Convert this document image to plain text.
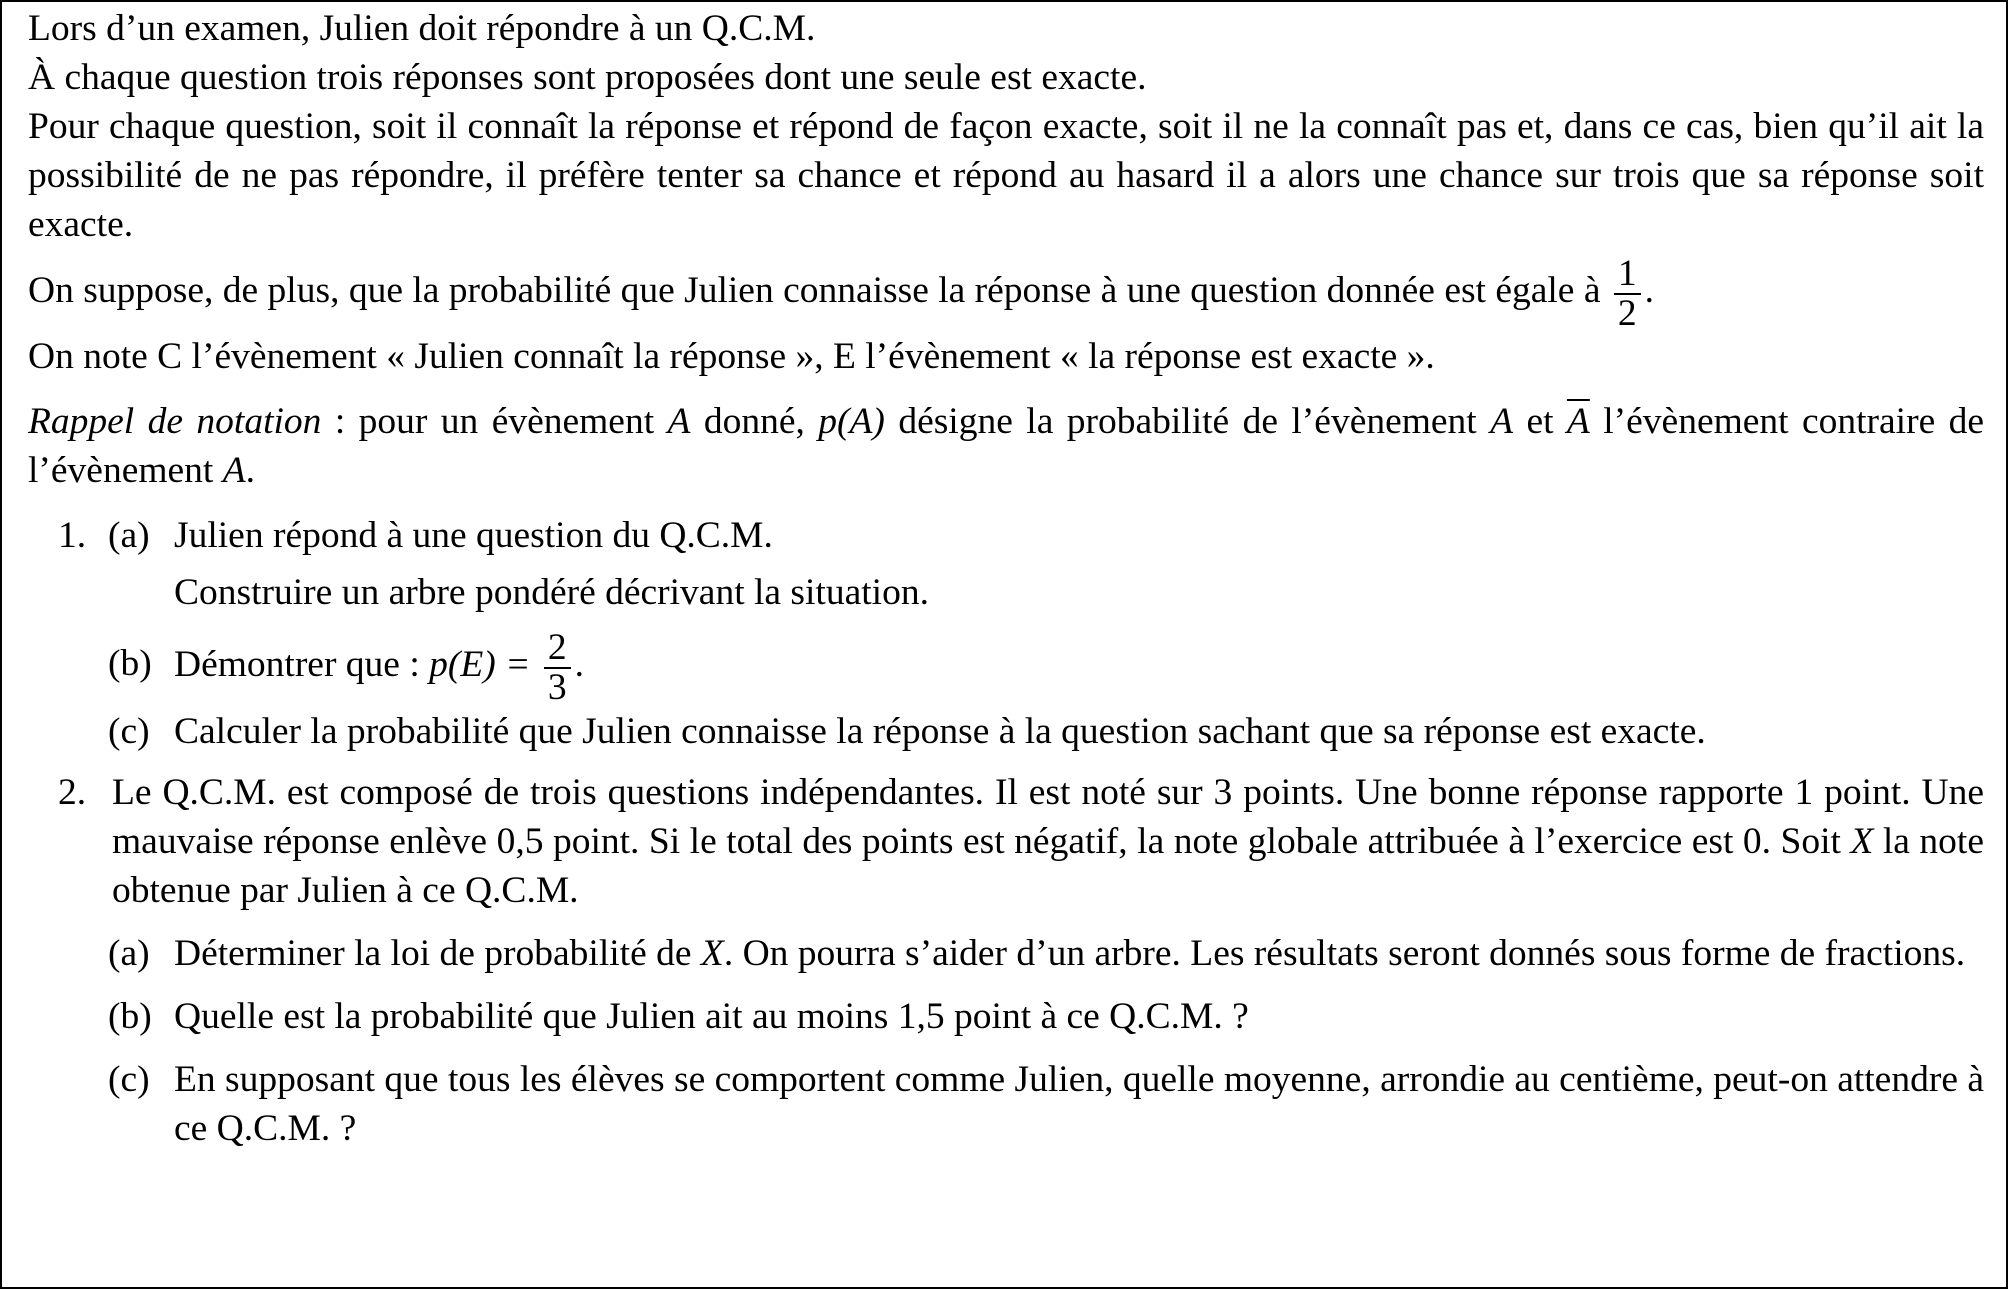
Lors d’un examen, Julien doit répondre à un Q.C.M.

À chaque question trois réponses sont proposées dont une seule est exacte.

Pour chaque question, soit il connaît la réponse et répond de façon exacte, soit il ne la connaît pas et, dans ce cas, bien qu’il ait la possibilité de ne pas répondre, il préfère tenter sa chance et répond au hasard il a alors une chance sur trois que sa réponse soit exacte.

On suppose, de plus, que la probabilité que Julien connaisse la réponse à une question donnée est égale à $\frac{1}{2}$ .

On note C l’évènement « Julien connaît la réponse », E l’évènement « la réponse est exacte ».

Rappel de notation : pour un évènement A donné, p(A) désigne la probabilité de l’évènement A et $\overline{A}$ l’évènement contraire de l’évènement A.

1. (a) Julien répond à une question du Q.C.M.

Construire un arbre pondéré décrivant la situation.

(b) Démontrer que : $p(E) = \frac{2}{3}$ .

(c) Calculer la probabilité que Julien connaisse la réponse à la question sachant que sa réponse est exacte.

2. Le Q.C.M. est composé de trois questions indépendantes. Il est noté sur 3 points. Une bonne réponse rapporte 1 point. Une mauvaise réponse enlève 0,5 point. Si le total des points est négatif, la note globale attribuée à l’exercice est 0. Soit X la note obtenue par Julien à ce Q.C.M.

(a) Déterminer la loi de probabilité de X. On pourra s’aider d’un arbre. Les résultats seront donnés sous forme de fractions.

(b) Quelle est la probabilité que Julien ait au moins 1,5 point à ce Q.C.M. ?

(c) En supposant que tous les élèves se comportent comme Julien, quelle moyenne, arrondie au centième, peut-on attendre à ce Q.C.M. ?
